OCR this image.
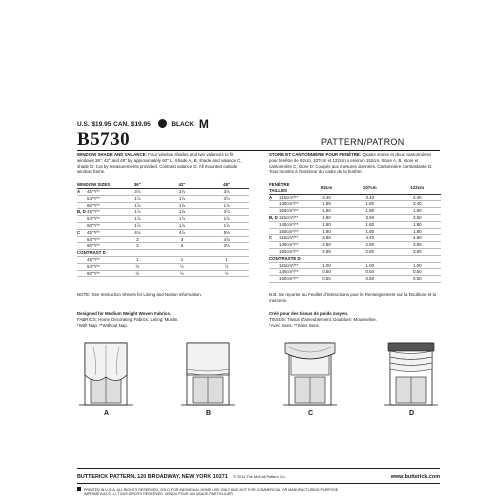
U.S. $19.95 CAN. $19.95	BLACK M
B5730	PATTERN/PATRON
WINDOW SHADE AND VALANCE: Four window shades and two valances to fit windows 36", 42" and 48" by approximately 60" L. Shade A, B, shade and valance C, shade D: Cut by measurements provided. Contrast valance D. All mounted outside window frame.
WINDOW SIZES		36"	42"	48"
A	45"*/**	3⅞	3⅞	3⅞
	54"*/**	1⅞	1⅞	3⅞
	60"*/**	1⅞	1⅞	1⅞
B, D	45"*/**	1⅞	1⅞	3⅞
	54"*/**	1⅞	1⅞	1⅞
	60"*/**	1⅞	1⅞	1⅞
C	45"*/**	4⅛	4⅞	5⅛
	54"*/**	3	3	4⅞
	60"*/**	3	3	3⅛
CONTRAST D				
	45"*/**	1	1	1
	54"*/**	½	½	½
	60"*/**	½	½	½
STORE ET CANTONNIÈRE POUR FENÊTRE: Quatre stores et deux cantonnières pour fenêtre de 92cm, 107cm et 122cm x environ 152cm. Store A, B, store et cantonnière C, store D: Coupés aux mesures données. Cantonnière contrastante D. Tous montés à l'extérieur du cadre de la fenêtre.
FENÊTRE TAILLES		92cm	107cm	122cm
A	115cm*/**	3.40	3.40	3.40
	140cm*/**	1.80	1.80	3.40
	150cm*/**	1.80	1.80	1.80
B, D	115cm*/**	1.80	3.50	3.50
	140cm*/**	1.80	1.80	1.80
	150cm*/**	1.80	1.80	1.80
C	115cm*/**	3.80	4.40	4.80
	140cm*/**	2.80	2.80	3.80
	150cm*/**	2.80	2.80	3.80
CONTRASTE D				
	115cm*/**	1.00	1.00	1.00
	140cm*/**	0.50	0.50	0.50
	150cm*/**	0.50	0.50	0.50
NOTE: See Instruction Sheets for Lining and Notion Information.	N.B. Se reporter au Feuillet d'instructions pour le Renseignement sur la Doublure et la mercerie.
Designed for Medium Weight Woven Fabrics.
FABRICS: Home Decorating Fabrics. Lining: Muslin.
*With Nap. **Without Nap.
Créé pour des tissus de poids moyen.
TISSUS: Tissus d'ameublement. Doublure: Mousseline.
*Avec Sens. **Sans Sens.
A	B	C	D
BUTTERICK PATTERN, 120 BROADWAY, NEW YORK 10271 © 2011 The McCall Pattern Co.	www.butterick.com
PRINTED IN U.S.A. ALL RIGHTS RESERVED. SOLD FOR INDIVIDUAL HOME USE ONLY AND NOT FOR COMMERCIAL OR MANUFACTURING PURPOSE
IMPRIMÉ AUX É.-U. TOUS DROITS RÉSERVÉS. VENDU POUR UN USAGE PARTICULIER
